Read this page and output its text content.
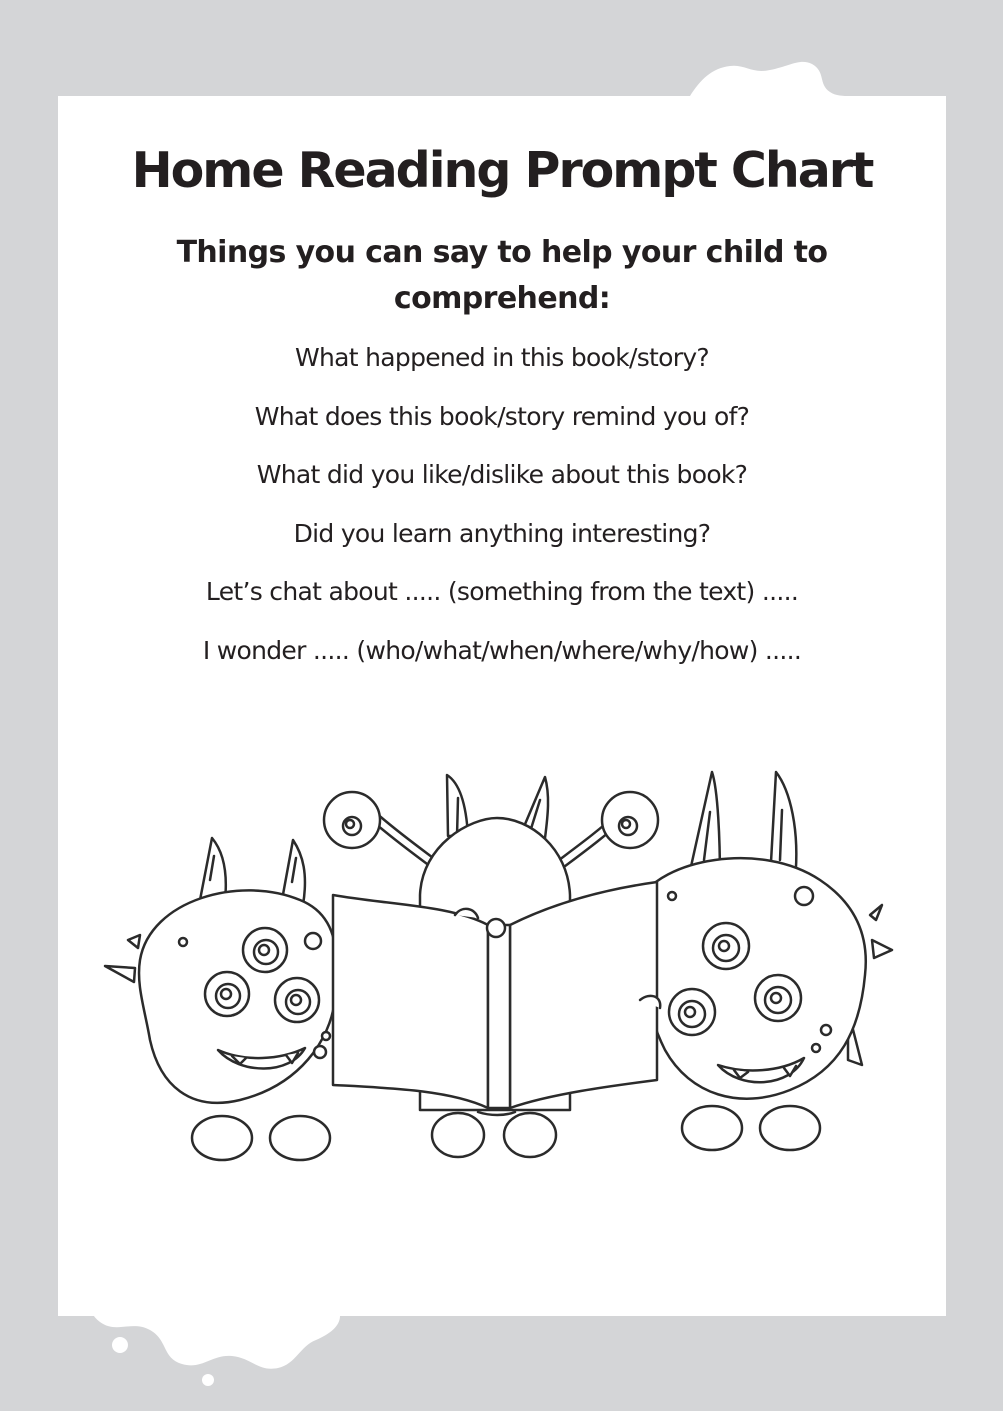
Home Reading Prompt Chart
Things you can say to help your child to comprehend:
What happened in this book/story?
What does this book/story remind you of?
What did you like/dislike about this book?
Did you learn anything interesting?
Let’s chat about ..... (something from the text) .....
I wonder ..... (who/what/when/where/why/how) .....
